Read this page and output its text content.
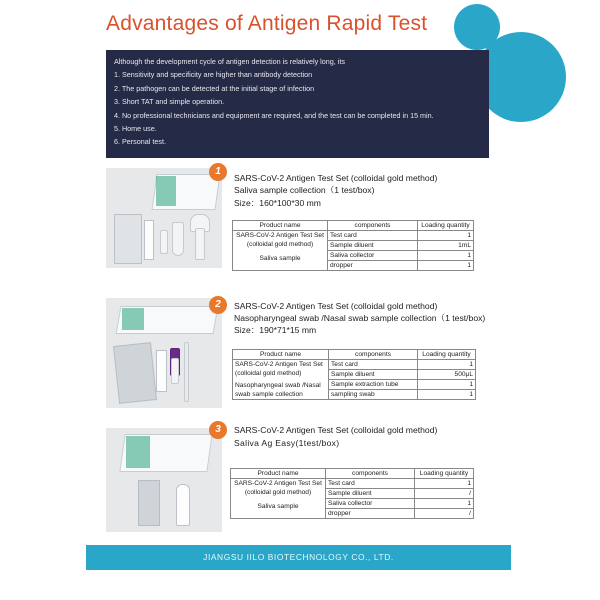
Advantages of Antigen Rapid Test
Although the development cycle of antigen detection is relatively long, its
1. Sensitivity and specificity are higher than antibody detection
2. The pathogen can be detected at the initial stage of infection
3. Short TAT and simple operation.
4. No professional technicians and equipment are required, and the test can be completed in 15 min.
5. Home use.
6. Personal test.
1
SARS-CoV-2 Antigen Test Set (colloidal gold method)
Saliva sample collection（1 test/box)
Size：160*100*30 mm
Product name	components	Loading quantity

SARS-CoV-2 Antigen Test Set
(colloidal gold method)
Saliva sample	Test card	1
	Sample diluent	1mL
	Saliva collector	1
	dropper	1
2	SARS-CoV-2 Antigen Test Set (colloidal gold method)
Nasopharyngeal swab /Nasal swab sample collection（1 test/box)
Size：190*71*15 mm
Product name	components	Loading quantity

SARS-CoV-2 Antigen Test Set
(colloidal gold method)
Nasopharyngeal swab /Nasal
swab sample collection	Test card	1
	Sample diluent	500μL
	Sample extraction tube	1
	sampling swab	1
3	SARS-CoV-2 Antigen Test Set (colloidal gold method)
Saliva Ag Easy(1test/box)
Product name	components	Loading quantity

SARS-CoV-2 Antigen Test Set
(colloidal gold method)
Saliva sample	Test card	1
	Sample diluent	/
	Saliva collector	1
	dropper	/
JIANGSU IILO BIOTECHNOLOGY CO., LTD.
